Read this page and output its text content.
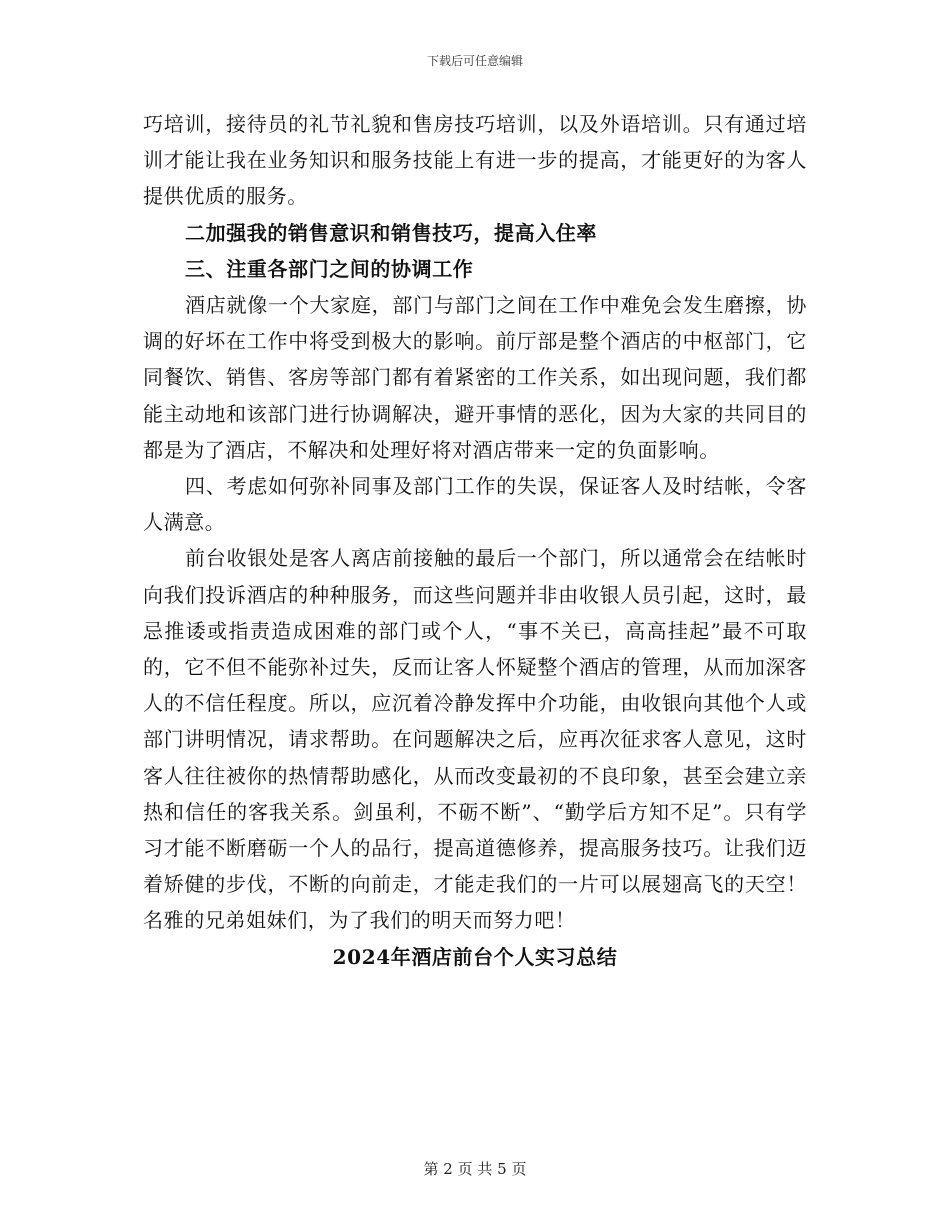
下载后可任意编辑

巧培训，接待员的礼节礼貌和售房技巧培训，以及外语培训。只有通过培训才能让我在业务知识和服务技能上有进一步的提高，才能更好的为客人提供优质的服务。

二加强我的销售意识和销售技巧，提高入住率

三、注重各部门之间的协调工作

酒店就像一个大家庭，部门与部门之间在工作中难免会发生磨擦，协调的好坏在工作中将受到极大的影响。前厅部是整个酒店的中枢部门，它同餐饮、销售、客房等部门都有着紧密的工作关系，如出现问题，我们都能主动地和该部门进行协调解决，避开事情的恶化，因为大家的共同目的都是为了酒店，不解决和处理好将对酒店带来一定的负面影响。

四、考虑如何弥补同事及部门工作的失误，保证客人及时结帐，令客人满意。

前台收银处是客人离店前接触的最后一个部门，所以通常会在结帐时向我们投诉酒店的种种服务，而这些问题并非由收银人员引起，这时，最忌推诿或指责造成困难的部门或个人，“事不关已，高高挂起”最不可取的，它不但不能弥补过失，反而让客人怀疑整个酒店的管理，从而加深客人的不信任程度。所以，应沉着冷静发挥中介功能，由收银向其他个人或部门讲明情况，请求帮助。在问题解决之后，应再次征求客人意见，这时客人往往被你的热情帮助感化，从而改变最初的不良印象，甚至会建立亲热和信任的客我关系。剑虽利，不砺不断”、“勤学后方知不足”。只有学习才能不断磨砺一个人的品行，提高道德修养，提高服务技巧。让我们迈着矫健的步伐，不断的向前走，才能走我们的一片可以展翅高飞的天空！名雅的兄弟姐妹们，为了我们的明天而努力吧！

2024年酒店前台个人实习总结

第 2 页 共 5 页
